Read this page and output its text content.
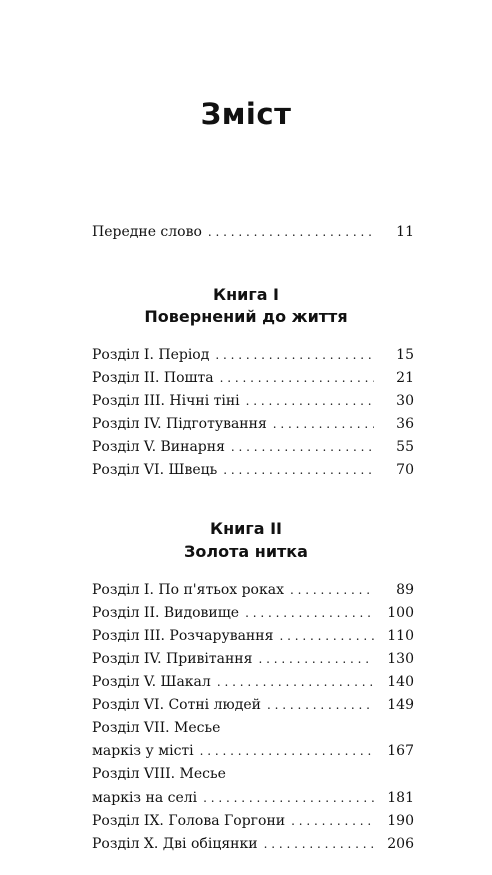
Зміст
Передне слово . . .	11
Книга І
Повернений до життя
Розділ І. Період . . .	15
Розділ ІІ. Пошта . . .	21
Розділ ІІІ. Нічні тіні . . .	30
Розділ IV. Підготування . . .	36
Розділ V. Винарня . . .	55
Розділ VI. Швець . . .	70
Книга ІІ
Золота нитка
Розділ І. По п'ятьох роках . . .	89
Розділ ІІ. Видовище . . .	100
Розділ ІІІ. Розчарування . . .	110
Розділ IV. Привітання . . .	130
Розділ V. Шакал . . .	140
Розділ VI. Сотні людей . . .	149
Розділ VII. Месье
маркіз у місті . . .	167
Розділ VIII. Месье
маркіз на селі . . .	181
Розділ IX. Голова Горгони . . .	190
Розділ X. Дві обіцянки . . .	206
